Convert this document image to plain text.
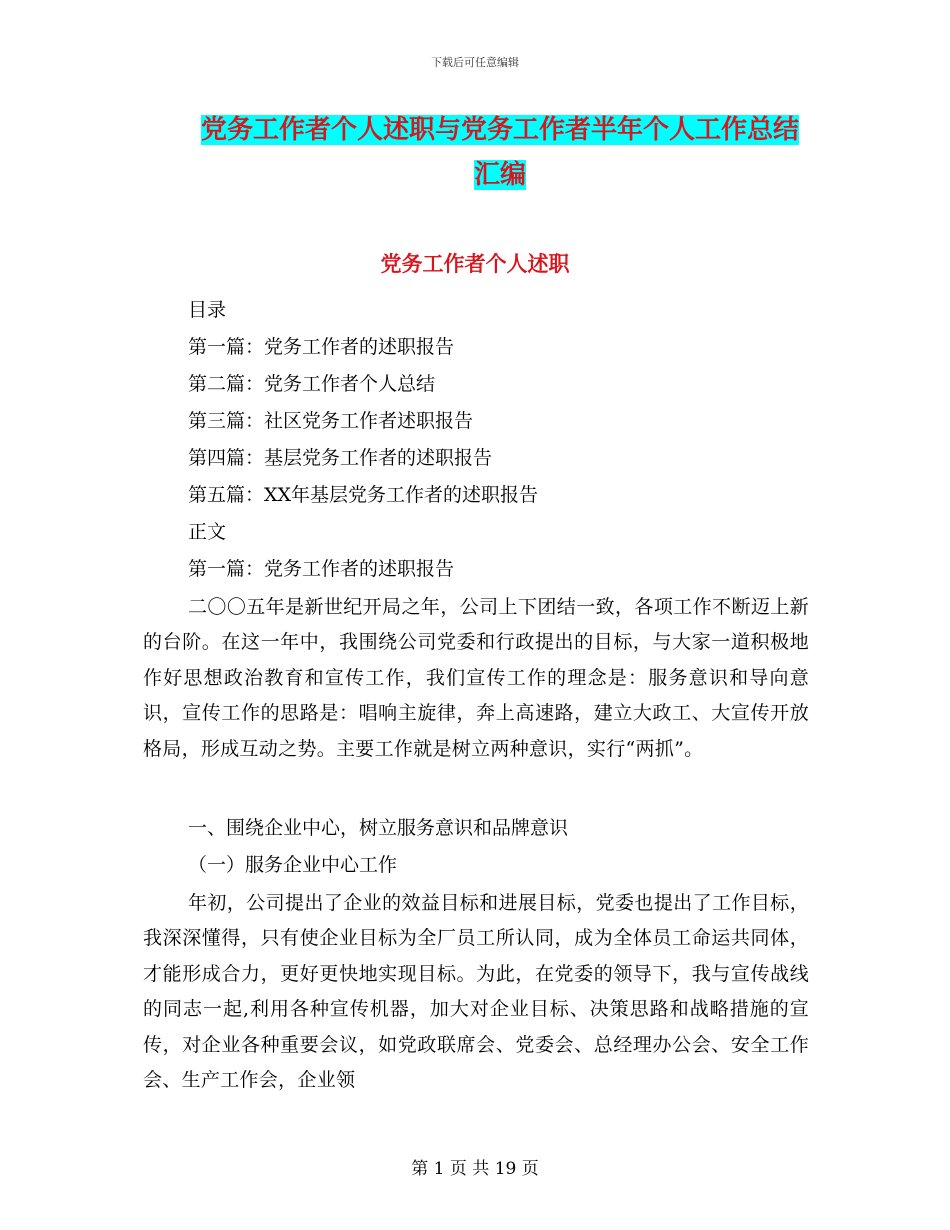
下载后可任意编辑
党务工作者个人述职与党务工作者半年个人工作总结
汇编
党务工作者个人述职
目录
第一篇：党务工作者的述职报告
第二篇：党务工作者个人总结
第三篇：社区党务工作者述职报告
第四篇：基层党务工作者的述职报告
第五篇：XX年基层党务工作者的述职报告
正文
第一篇：党务工作者的述职报告
二〇〇五年是新世纪开局之年，公司上下团结一致，各项工作不断迈上新的台阶。在这一年中，我围绕公司党委和行政提出的目标，与大家一道积极地作好思想政治教育和宣传工作，我们宣传工作的理念是：服务意识和导向意识，宣传工作的思路是：唱响主旋律，奔上高速路，建立大政工、大宣传开放格局，形成互动之势。主要工作就是树立两种意识，实行“两抓”。
一、围绕企业中心，树立服务意识和品牌意识
（一）服务企业中心工作
年初，公司提出了企业的效益目标和进展目标，党委也提出了工作目标，我深深懂得，只有使企业目标为全厂员工所认同，成为全体员工命运共同体，才能形成合力，更好更快地实现目标。为此，在党委的领导下，我与宣传战线的同志一起,利用各种宣传机器，加大对企业目标、决策思路和战略措施的宣传，对企业各种重要会议，如党政联席会、党委会、总经理办公会、安全工作会、生产工作会，企业领
第 1 页 共 19 页
